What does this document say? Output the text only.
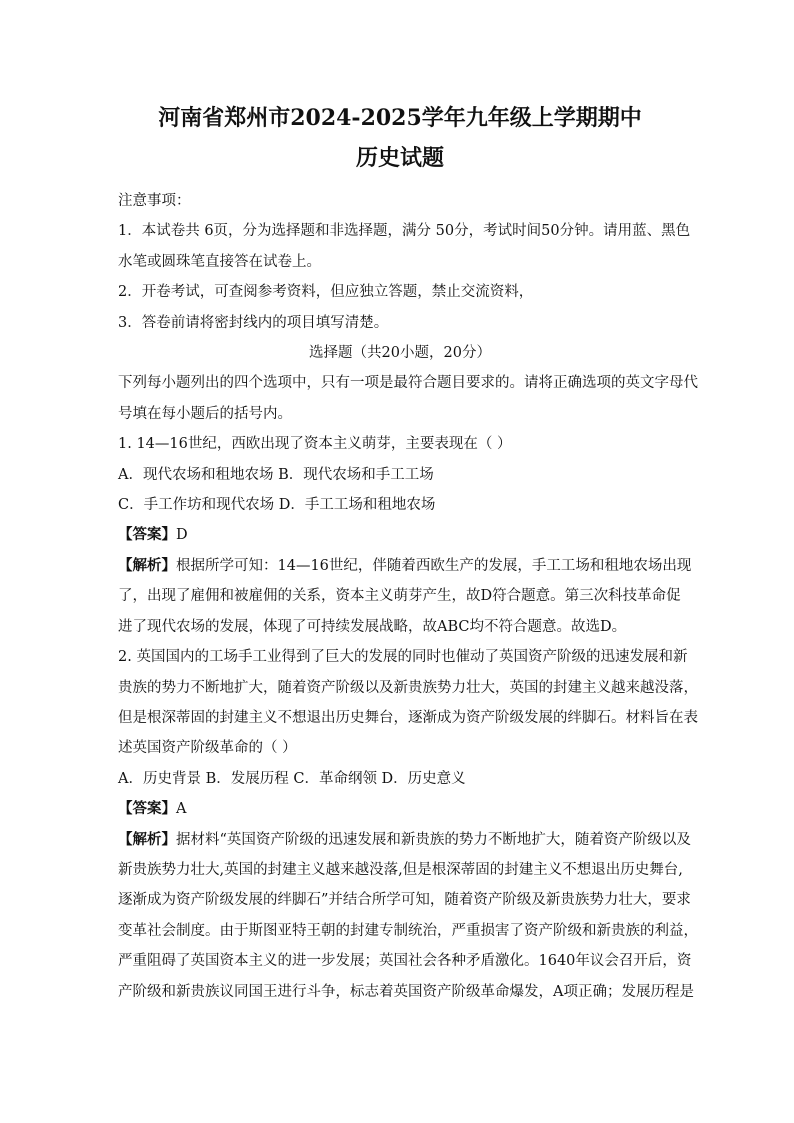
河南省郑州市2024-2025学年九年级上学期期中
历史试题

注意事项：

1．本试卷共 6页，分为选择题和非选择题，满分 50分，考试时间50分钟。请用蓝、黑色

水笔或圆珠笔直接答在试卷上。

2．开卷考试，可查阅参考资料，但应独立答题，禁止交流资料，

3．答卷前请将密封线内的项目填写清楚。

选择题（共20小题，20分）

下列每小题列出的四个选项中，只有一项是最符合题目要求的。请将正确选项的英文字母代

号填在每小题后的括号内。

1. 14—16世纪，西欧出现了资本主义萌芽，主要表现在（ ）

A．现代农场和租地农场 B．现代农场和手工工场

C．手工作坊和现代农场 D．手工工场和租地农场

【答案】D

【解析】根据所学可知：14—16世纪，伴随着西欧生产的发展，手工工场和租地农场出现

了，出现了雇佣和被雇佣的关系，资本主义萌芽产生，故D符合题意。第三次科技革命促

进了现代农场的发展，体现了可持续发展战略，故ABC均不符合题意。故选D。

2. 英国国内的工场手工业得到了巨大的发展的同时也催动了英国资产阶级的迅速发展和新

贵族的势力不断地扩大，随着资产阶级以及新贵族势力壮大，英国的封建主义越来越没落，

但是根深蒂固的封建主义不想退出历史舞台，逐渐成为资产阶级发展的绊脚石。材料旨在表

述英国资产阶级革命的（ ）

A．历史背景 B．发展历程 C．革命纲领 D．历史意义

【答案】A

【解析】据材料“英国资产阶级的迅速发展和新贵族的势力不断地扩大，随着资产阶级以及

新贵族势力壮大,英国的封建主义越来越没落,但是根深蒂固的封建主义不想退出历史舞台,

逐渐成为资产阶级发展的绊脚石”并结合所学可知，随着资产阶级及新贵族势力壮大，要求

变革社会制度。由于斯图亚特王朝的封建专制统治，严重损害了资产阶级和新贵族的利益，

严重阻碍了英国资本主义的进一步发展；英国社会各种矛盾激化。1640年议会召开后，资

产阶级和新贵族议同国王进行斗争，标志着英国资产阶级革命爆发，A项正确；发展历程是
